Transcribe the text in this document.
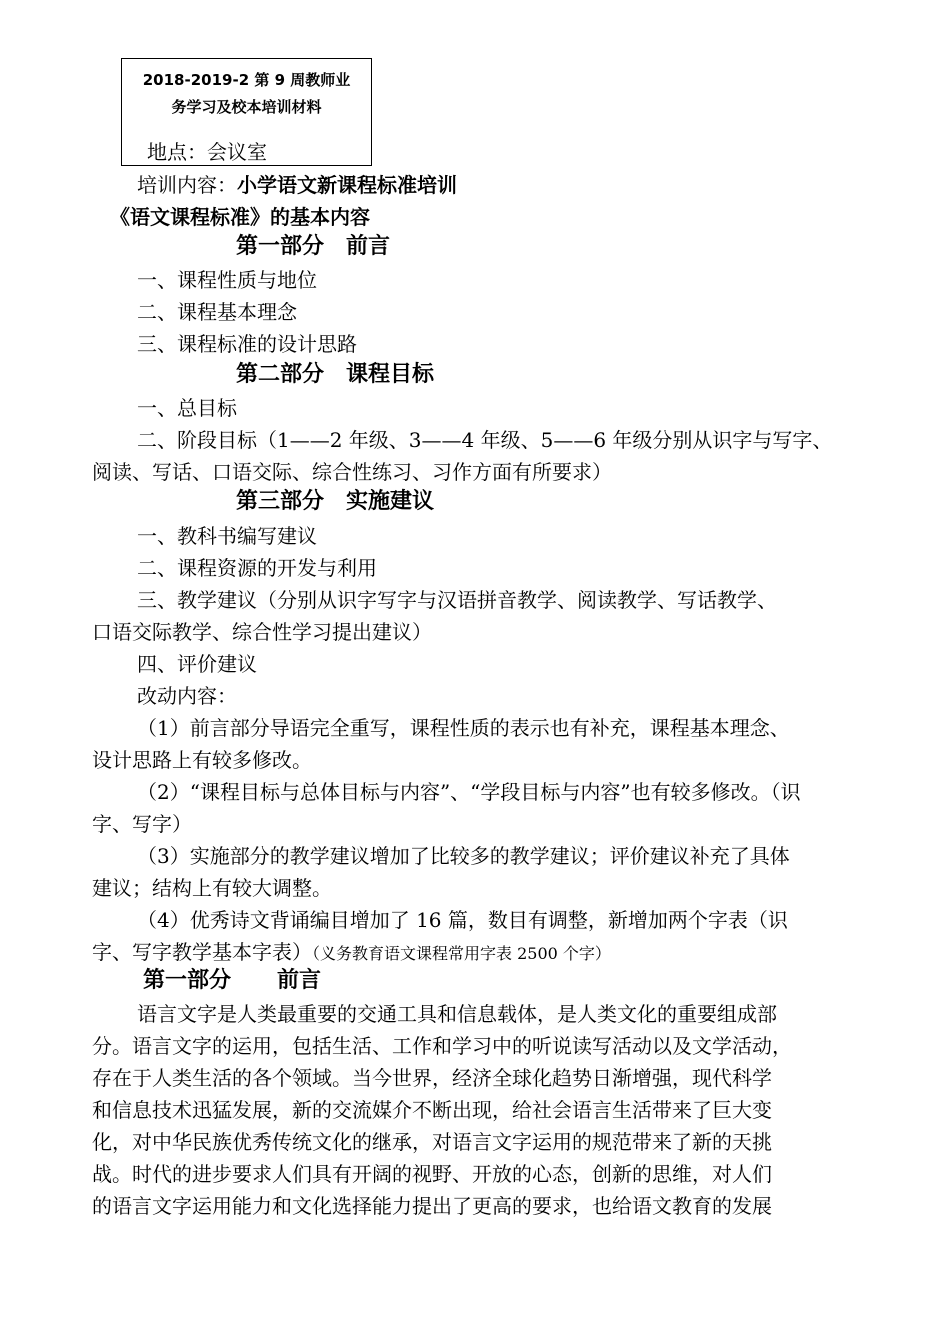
2018-2019-2 第 9 周教师业
务学习及校本培训材料
地点：会议室
培训内容：小学语文新课程标准培训
《语文课程标准》的基本内容
第一部分 前言
一、课程性质与地位
二、课程基本理念
三、课程标准的设计思路
第二部分 课程目标
一、总目标
二、阶段目标（1——2 年级、3——4 年级、5——6 年级分别从识字与写字、
阅读、写话、口语交际、综合性练习、习作方面有所要求）
第三部分 实施建议
一、教科书编写建议
二、课程资源的开发与利用
三、教学建议（分别从识字写字与汉语拼音教学、阅读教学、写话教学、
口语交际教学、综合性学习提出建议）
四、评价建议
改动内容：
（1）前言部分导语完全重写，课程性质的表示也有补充，课程基本理念、
设计思路上有较多修改。
（2）“课程目标与总体目标与内容”、“学段目标与内容”也有较多修改。（识
字、写字）
（3）实施部分的教学建议增加了比较多的教学建议；评价建议补充了具体
建议；结构上有较大调整。
（4）优秀诗文背诵编目增加了 16 篇，数目有调整，新增加两个字表（识
字、写字教学基本字表）（义务教育语文课程常用字表 2500 个字）
第一部分 前言
语言文字是人类最重要的交通工具和信息载体，是人类文化的重要组成部
分。语言文字的运用，包括生活、工作和学习中的听说读写活动以及文学活动，
存在于人类生活的各个领域。当今世界，经济全球化趋势日渐增强，现代科学
和信息技术迅猛发展，新的交流媒介不断出现，给社会语言生活带来了巨大变
化，对中华民族优秀传统文化的继承，对语言文字运用的规范带来了新的天挑
战。时代的进步要求人们具有开阔的视野、开放的心态，创新的思维，对人们
的语言文字运用能力和文化选择能力提出了更高的要求，也给语文教育的发展
